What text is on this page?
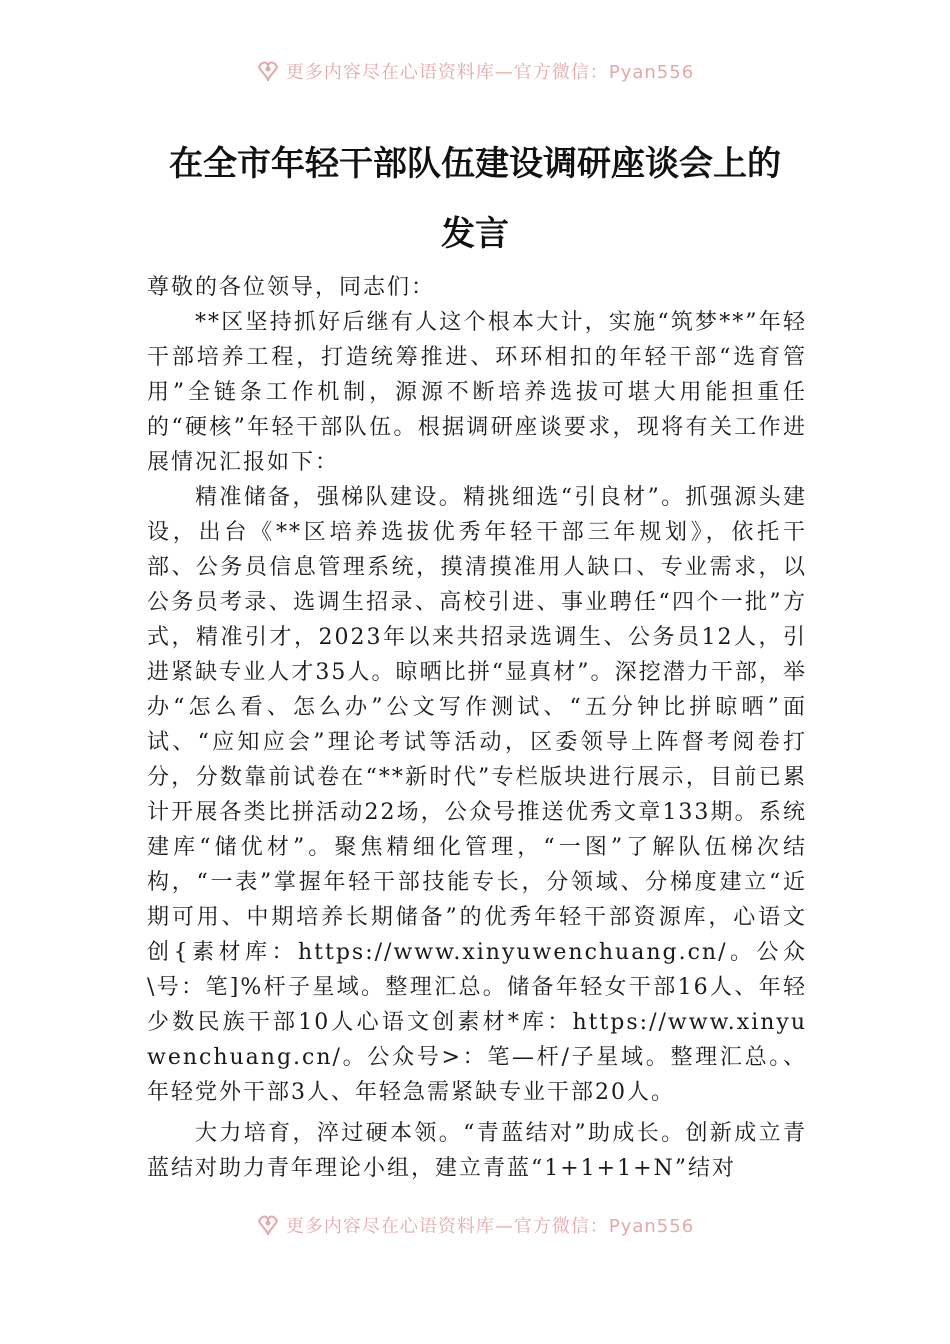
更多内容尽在心语资料库—官方微信：Pyan556
在全市年轻干部队伍建设调研座谈会上的
发言

尊敬的各位领导，同志们：

**区坚持抓好后继有人这个根本大计，实施“筑梦**”年轻干部培养工程，打造统筹推进、环环相扣的年轻干部“选育管用”全链条工作机制，源源不断培养选拔可堪大用能担重任的“硬核”年轻干部队伍。根据调研座谈要求，现将有关工作进展情况汇报如下：

精准储备，强梯队建设。精挑细选“引良材”。抓强源头建设，出台《**区培养选拔优秀年轻干部三年规划》，依托干部、公务员信息管理系统，摸清摸准用人缺口、专业需求，以公务员考录、选调生招录、高校引进、事业聘任“四个一批”方式，精准引才，2023年以来共招录选调生、公务员12人，引进紧缺专业人才35人。晾晒比拼“显真材”。深挖潜力干部，举办“怎么看、怎么办”公文写作测试、“五分钟比拼晾晒”面试、“应知应会”理论考试等活动，区委领导上阵督考阅卷打分，分数靠前试卷在“**新时代”专栏版块进行展示，目前已累计开展各类比拼活动22场，公众号推送优秀文章133期。系统建库“储优材”。聚焦精细化管理，“一图”了解队伍梯次结构，“一表”掌握年轻干部技能专长，分领域、分梯度建立“近期可用、中期培养长期储备”的优秀年轻干部资源库，心语文创{素材库：https://www.xinyuwenchuang.cn/。公众\号：笔]%杆子星域。整理汇总。储备年轻女干部16人、年轻少数民族干部10人心语文创素材*库：https://www.xinyuwenchuang.cn/。公众号>：笔—杆/子星域。整理汇总。、年轻党外干部3人、年轻急需紧缺专业干部20人。

大力培育，淬过硬本领。“青蓝结对”助成长。创新成立青蓝结对助力青年理论小组，建立青蓝“1+1+1+N”结对

更多内容尽在心语资料库—官方微信：Pyan556
